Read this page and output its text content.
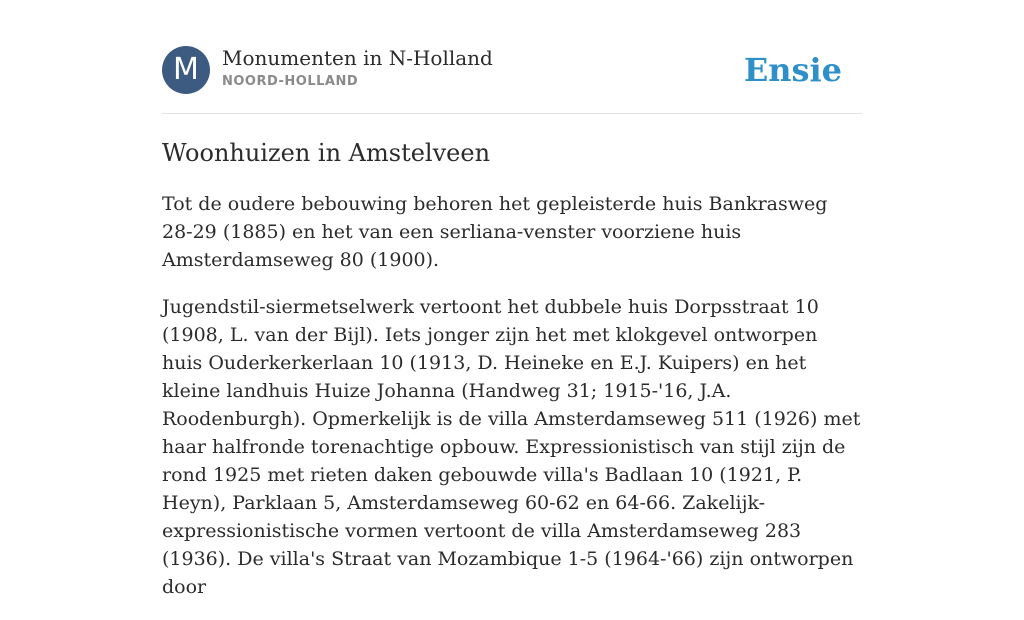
M	Monumenten in N-Holland
NOORD-HOLLAND	Ensie
Woonhuizen in Amstelveen

Tot de oudere bebouwing behoren het gepleisterde huis Bankrasweg 28-29 (1885) en het van een serliana-venster voorziene huis Amsterdamseweg 80 (1900).

Jugendstil-siermetselwerk vertoont het dubbele huis Dorpsstraat 10 (1908, L. van der Bijl). Iets jonger zijn het met klokgevel ontworpen huis Ouderkerkerlaan 10 (1913, D. Heineke en E.J. Kuipers) en het kleine landhuis Huize Johanna (Handweg 31; 1915-'16, J.A. Roodenburgh). Opmerkelijk is de villa Amsterdamseweg 511 (1926) met haar halfronde torenachtige opbouw. Expressionistisch van stijl zijn de rond 1925 met rieten daken gebouwde villa's Badlaan 10 (1921, P. Heyn), Parklaan 5, Amsterdamseweg 60-62 en 64-66. Zakelijk-expressionistische vormen vertoont de villa Amsterdamseweg 283 (1936). De villa's Straat van Mozambique 1-5 (1964-'66) zijn ontworpen door
